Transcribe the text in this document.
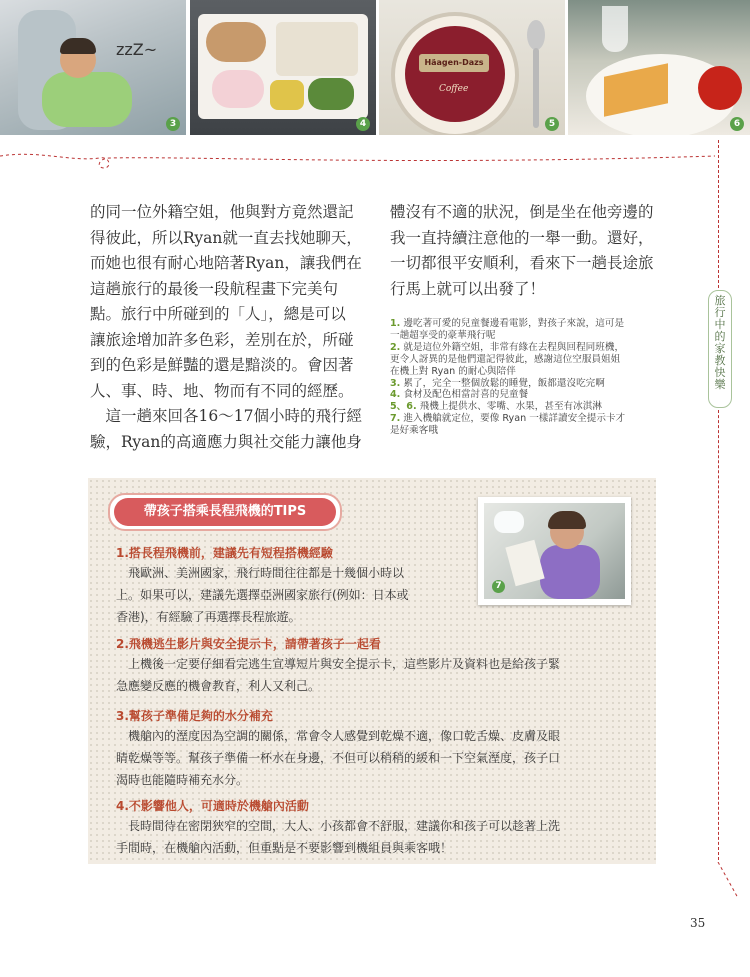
zzZ~
3	4
Häagen-Dazs
Coffee
5	6
旅
行
中
的
家
教
快
樂
的同一位外籍空姐，他與對方竟然還記
得彼此，所以Ryan就一直去找她聊天，
而她也很有耐心地陪著Ryan，讓我們在
這趟旅行的最後一段航程畫下完美句
點。旅行中所碰到的「人」，總是可以
讓旅途增加許多色彩，差別在於，所碰
到的色彩是鮮豔的還是黯淡的。會因著
人、事、時、地、物而有不同的經歷。
　這一趟來回各16～17個小時的飛行經
驗，Ryan的高適應力與社交能力讓他身
體沒有不適的狀況，倒是坐在他旁邊的
我一直持續注意他的一舉一動。還好，
一切都很平安順利，看來下一趟長途旅
行馬上就可以出發了！
1. 邊吃著可愛的兒童餐邊看電影，對孩子來說，這可是
一趟超享受的豪華飛行呢
2. 就是這位外籍空姐，非常有緣在去程與回程同班機，
更令人訝異的是他們還記得彼此，感謝這位空服員姐姐
在機上對 Ryan 的耐心與陪伴
3. 累了，完全一整個放鬆的睡覺，飯都還沒吃完啊
4. 食材及配色相當討喜的兒童餐
5、6. 飛機上提供水、零嘴、水果，甚至有冰淇淋
7. 進入機艙就定位，要像 Ryan 一樣詳讀安全提示卡才
是好乘客哦
帶孩子搭乘長程飛機的TIPS
7
1.搭長程飛機前，建議先有短程搭機經驗
　飛歐洲、美洲國家，飛行時間往往都是十幾個小時以
上。如果可以，建議先選擇亞洲國家旅行(例如：日本或
香港)，有經驗了再選擇長程旅遊。
2.飛機逃生影片與安全提示卡，請帶著孩子一起看
　上機後一定要仔細看完逃生宣導短片與安全提示卡，這些影片及資料也是給孩子緊
急應變反應的機會教育，利人又利己。
3.幫孩子準備足夠的水分補充
　機艙內的溼度因為空調的關係，常會令人感覺到乾燥不適，像口乾舌燥、皮膚及眼
睛乾燥等等。幫孩子準備一杯水在身邊，不但可以稍稍的緩和一下空氣溼度，孩子口
渴時也能隨時補充水分。
4.不影響他人，可適時於機艙內活動
　長時間待在密閉狹窄的空間，大人、小孩都會不舒服，建議你和孩子可以趁著上洗
手間時，在機艙內活動，但重點是不要影響到機組員與乘客哦！
35
